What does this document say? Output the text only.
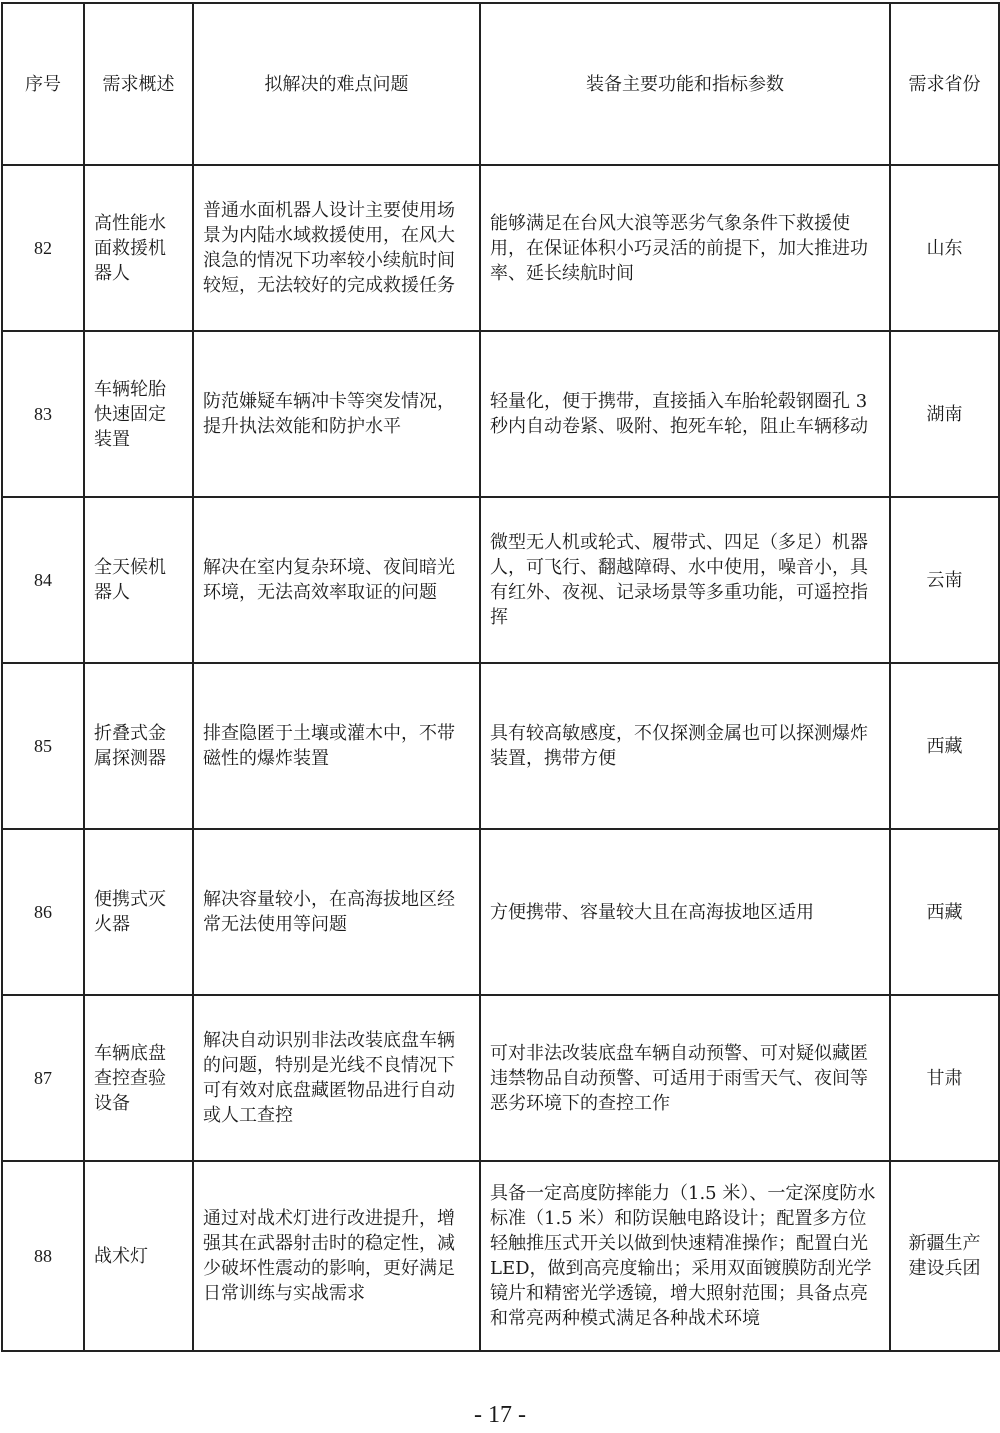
序号	需求概述	拟解决的难点问题	装备主要功能和指标参数	需求省份
82	高性能水面救援机器人	普通水面机器人设计主要使用场景为内陆水域救援使用，在风大浪急的情况下功率较小续航时间较短，无法较好的完成救援任务	能够满足在台风大浪等恶劣气象条件下救援使用，在保证体积小巧灵活的前提下，加大推进功率、延长续航时间	山东
83	车辆轮胎快速固定装置	防范嫌疑车辆冲卡等突发情况，提升执法效能和防护水平	轻量化，便于携带，直接插入车胎轮毂钢圈孔 3 秒内自动卷紧、吸附、抱死车轮，阻止车辆移动	湖南
84	全天候机器人	解决在室内复杂环境、夜间暗光环境，无法高效率取证的问题	微型无人机或轮式、履带式、四足（多足）机器人，可飞行、翻越障碍、水中使用，噪音小，具有红外、夜视、记录场景等多重功能，可遥控指挥	云南
85	折叠式金属探测器	排查隐匿于土壤或灌木中，不带磁性的爆炸装置	具有较高敏感度，不仅探测金属也可以探测爆炸装置，携带方便	西藏
86	便携式灭火器	解决容量较小，在高海拔地区经常无法使用等问题	方便携带、容量较大且在高海拔地区适用	西藏
87	车辆底盘查控查验设备	解决自动识别非法改装底盘车辆的问题，特别是光线不良情况下可有效对底盘藏匿物品进行自动或人工查控	可对非法改装底盘车辆自动预警、可对疑似藏匿违禁物品自动预警、可适用于雨雪天气、夜间等恶劣环境下的查控工作	甘肃
88	战术灯	通过对战术灯进行改进提升，增强其在武器射击时的稳定性，减少破坏性震动的影响，更好满足日常训练与实战需求	具备一定高度防摔能力（1.5 米）、一定深度防水标准（1.5 米）和防误触电路设计；配置多方位轻触推压式开关以做到快速精准操作；配置白光 LED，做到高亮度输出；采用双面镀膜防刮光学镜片和精密光学透镜，增大照射范围；具备点亮和常亮两种模式满足各种战术环境	新疆生产建设兵团
- 17 -
